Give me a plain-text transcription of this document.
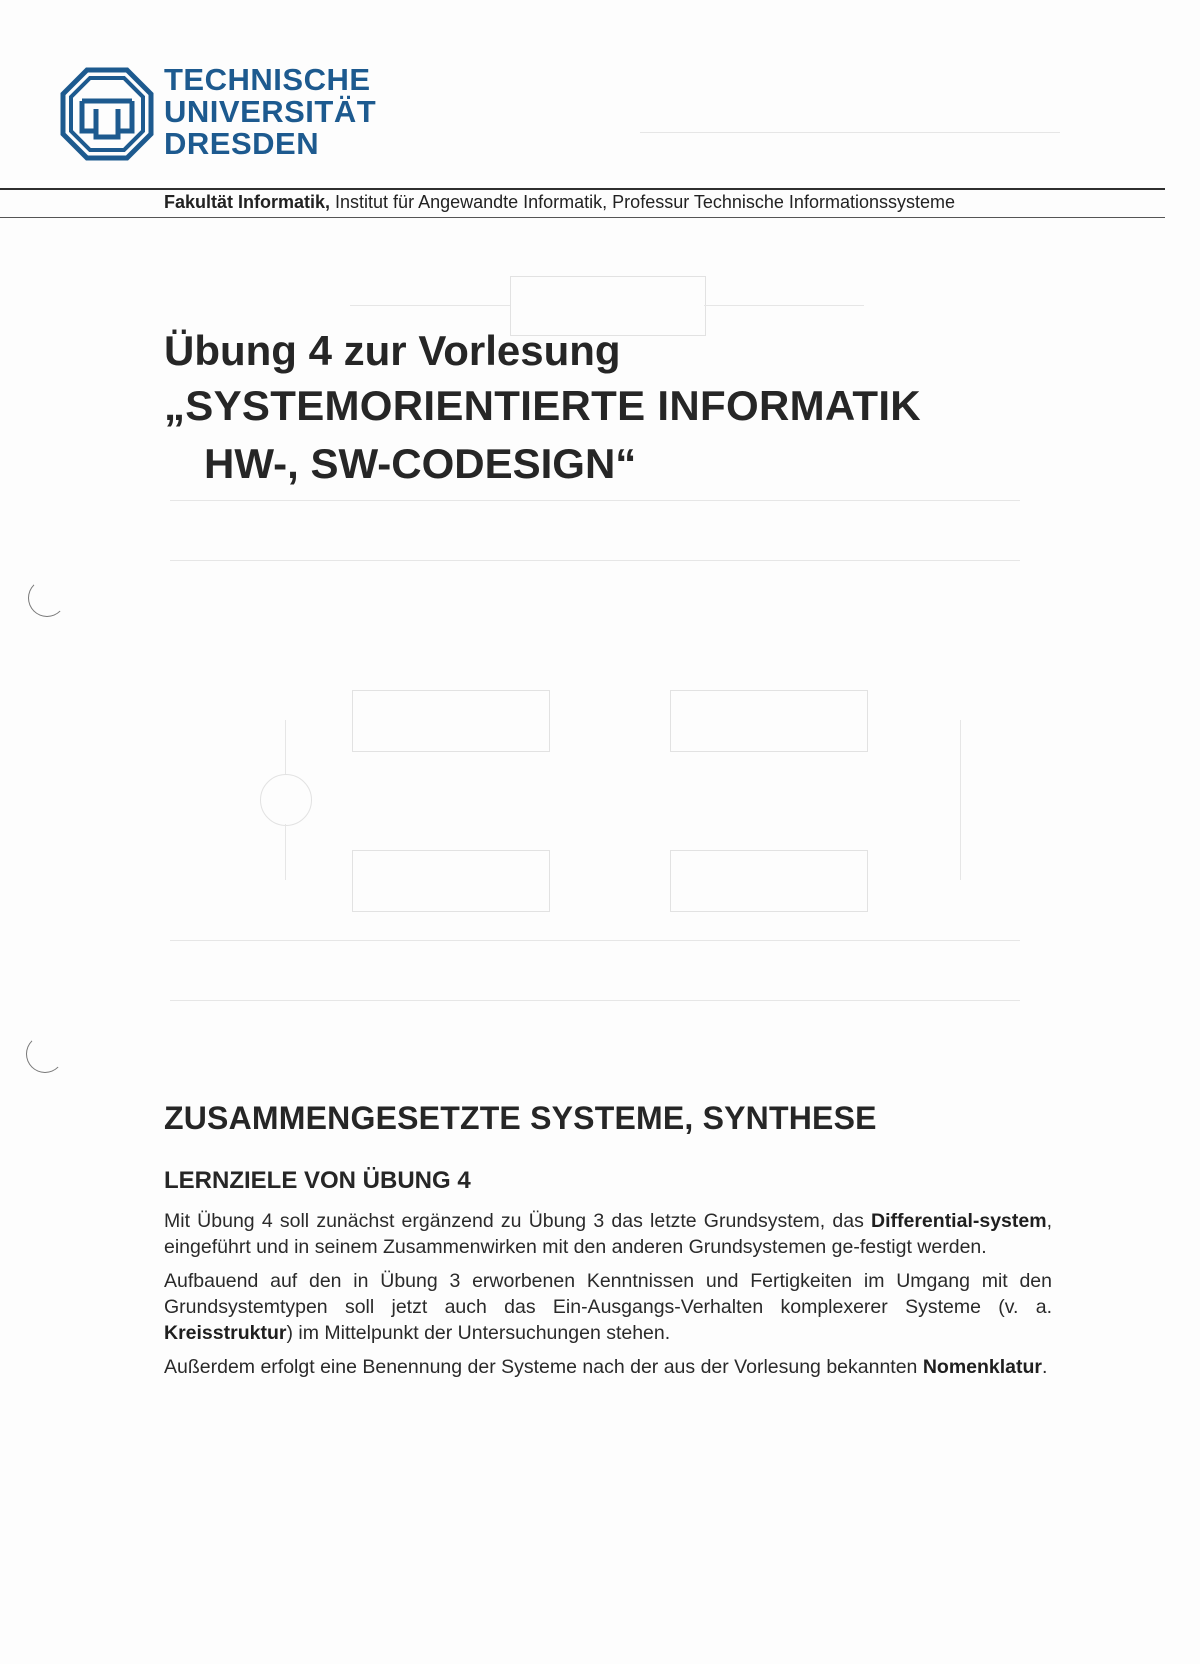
TECHNISCHE
UNIVERSITÄT
DRESDEN
Fakultät Informatik, Institut für Angewandte Informatik, Professur Technische Informationssysteme
Übung 4 zur Vorlesung
„SYSTEMORIENTIERTE INFORMATIK
HW-, SW-CODESIGN“
ZUSAMMENGESETZTE SYSTEME, SYNTHESE
LERNZIELE VON ÜBUNG 4

Mit Übung 4 soll zunächst ergänzend zu Übung 3 das letzte Grundsystem, das Differential-system, eingeführt und in seinem Zusammenwirken mit den anderen Grundsystemen ge-festigt werden.

Aufbauend auf den in Übung 3 erworbenen Kenntnissen und Fertigkeiten im Umgang mit den Grundsystemtypen soll jetzt auch das Ein-Ausgangs-Verhalten komplexerer Systeme (v. a. Kreisstruktur) im Mittelpunkt der Untersuchungen stehen.

Außerdem erfolgt eine Benennung der Systeme nach der aus der Vorlesung bekannten Nomenklatur.
